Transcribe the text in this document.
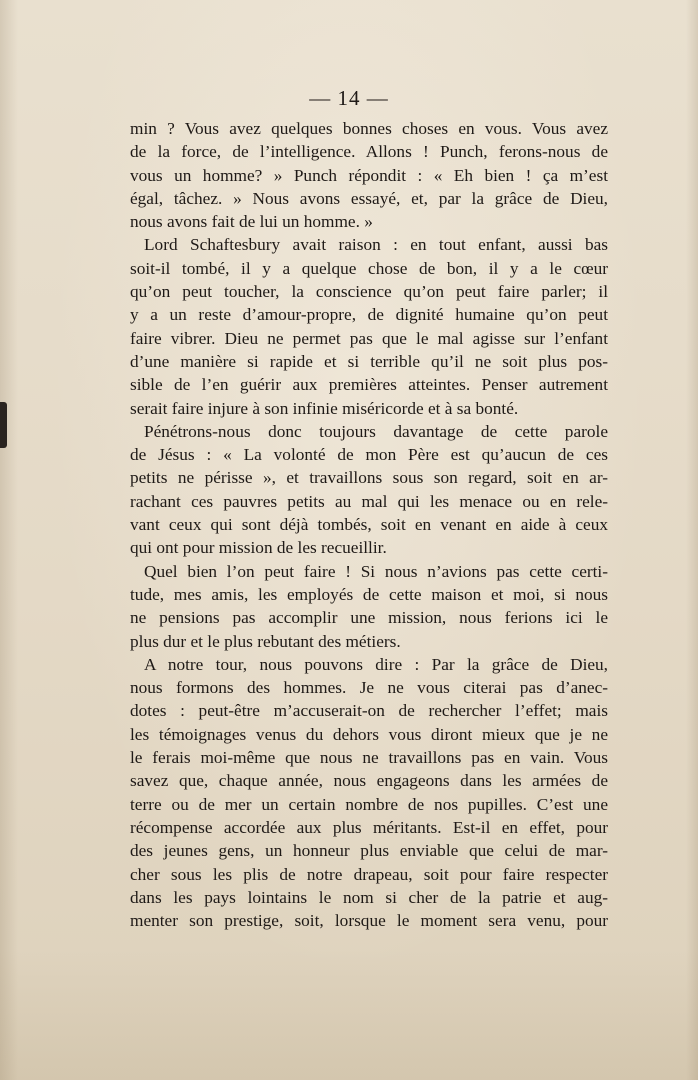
— 14 —
min ? Vous avez quelques bonnes choses en vous. Vous avez
de la force, de l’intelligence. Allons ! Punch, ferons-nous de
vous un homme? » Punch répondit : « Eh bien ! ça m’est
égal, tâchez. » Nous avons essayé, et, par la grâce de Dieu,
nous avons fait de lui un homme. »
Lord Schaftesbury avait raison : en tout enfant, aussi bas
soit-il tombé, il y a quelque chose de bon, il y a le cœur
qu’on peut toucher, la conscience qu’on peut faire parler; il
y a un reste d’amour-propre, de dignité humaine qu’on peut
faire vibrer. Dieu ne permet pas que le mal agisse sur l’enfant
d’une manière si rapide et si terrible qu’il ne soit plus pos-
sible de l’en guérir aux premières atteintes. Penser autrement
serait faire injure à son infinie miséricorde et à sa bonté.
Pénétrons-nous donc toujours davantage de cette parole
de Jésus : « La volonté de mon Père est qu’aucun de ces
petits ne périsse », et travaillons sous son regard, soit en ar-
rachant ces pauvres petits au mal qui les menace ou en rele-
vant ceux qui sont déjà tombés, soit en venant en aide à ceux
qui ont pour mission de les recueillir.
Quel bien l’on peut faire ! Si nous n’avions pas cette certi-
tude, mes amis, les employés de cette maison et moi, si nous
ne pensions pas accomplir une mission, nous ferions ici le
plus dur et le plus rebutant des métiers.
A notre tour, nous pouvons dire : Par la grâce de Dieu,
nous formons des hommes. Je ne vous citerai pas d’anec-
dotes : peut-être m’accuserait-on de rechercher l’effet; mais
les témoignages venus du dehors vous diront mieux que je ne
le ferais moi-même que nous ne travaillons pas en vain. Vous
savez que, chaque année, nous engageons dans les armées de
terre ou de mer un certain nombre de nos pupilles. C’est une
récompense accordée aux plus méritants. Est-il en effet, pour
des jeunes gens, un honneur plus enviable que celui de mar-
cher sous les plis de notre drapeau, soit pour faire respecter
dans les pays lointains le nom si cher de la patrie et aug-
menter son prestige, soit, lorsque le moment sera venu, pour
